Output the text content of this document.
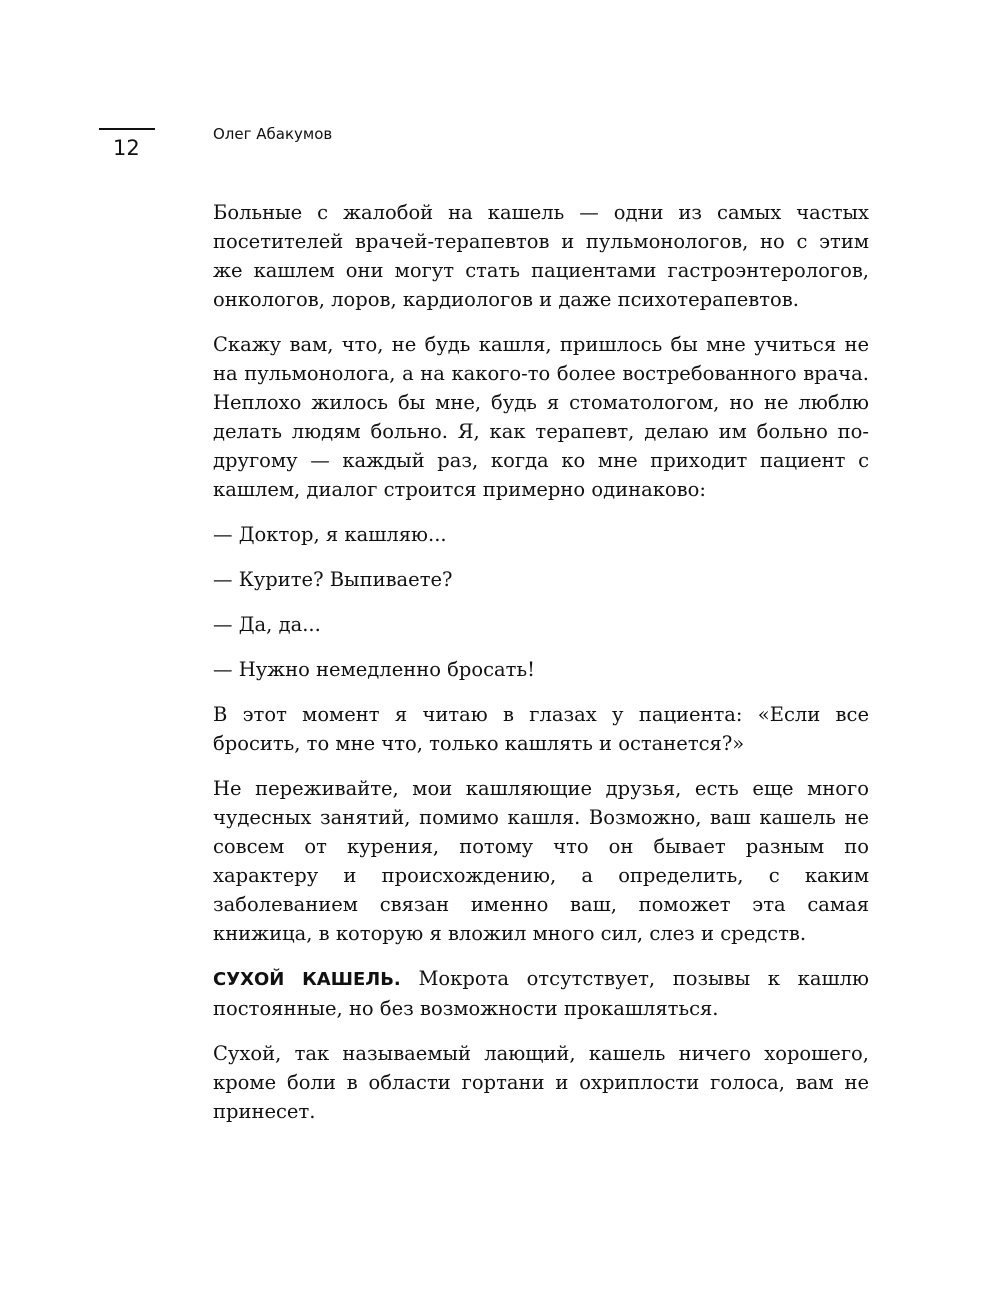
12
Олег Абакумов

Больные с жалобой на кашель — одни из самых частых посетителей врачей-терапевтов и пульмонологов, но с этим же кашлем они могут стать пациентами гастроэнтерологов, онкологов, лоров, кардиологов и даже психотерапевтов.

Скажу вам, что, не будь кашля, пришлось бы мне учиться не на пульмонолога, а на какого-то более востребованного врача. Неплохо жилось бы мне, будь я стоматологом, но не люблю делать людям больно. Я, как терапевт, делаю им больно по-другому — каждый раз, когда ко мне приходит пациент с кашлем, диалог строится примерно одинаково:

— Доктор, я кашляю...

— Курите? Выпиваете?

— Да, да...

— Нужно немедленно бросать!

В этот момент я читаю в глазах у пациента: «Если все бросить, то мне что, только кашлять и останется?»

Не переживайте, мои кашляющие друзья, есть еще много чудесных занятий, помимо кашля. Возможно, ваш кашель не совсем от курения, потому что он бывает разным по характеру и происхождению, а определить, с каким заболеванием связан именно ваш, поможет эта самая книжица, в которую я вложил много сил, слез и средств.

СУХОЙ КАШЕЛЬ. Мокрота отсутствует, позывы к кашлю постоянные, но без возможности прокашляться.

Сухой, так называемый лающий, кашель ничего хорошего, кроме боли в области гортани и охриплости голоса, вам не принесет.
